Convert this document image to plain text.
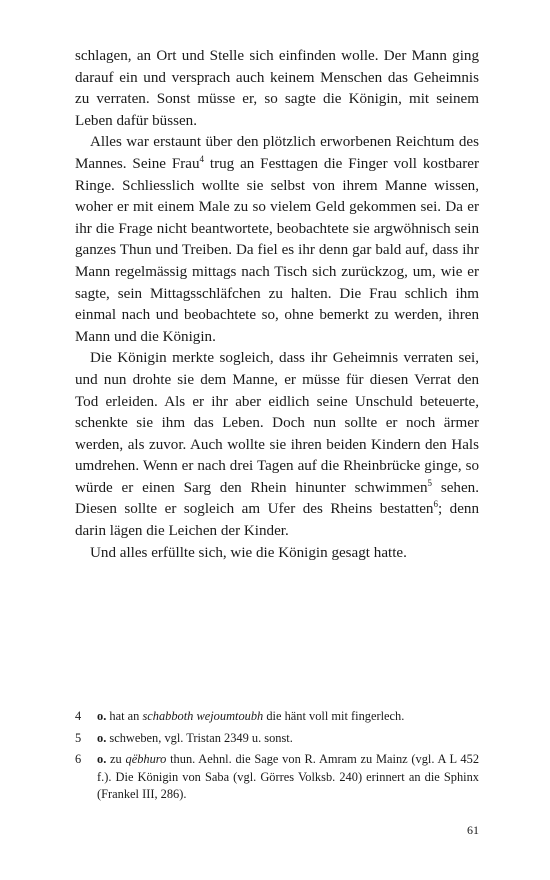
schlagen, an Ort und Stelle sich einfinden wolle. Der Mann ging darauf ein und versprach auch keinem Menschen das Geheimnis zu verraten. Sonst müsse er, so sagte die Königin, mit seinem Leben dafür büssen.

Alles war erstaunt über den plötzlich erworbenen Reichtum des Mannes. Seine Frau$^4$ trug an Festtagen die Finger voll kostbarer Ringe. Schliesslich wollte sie selbst von ihrem Manne wissen, woher er mit einem Male zu so vielem Geld gekommen sei. Da er ihr die Frage nicht beantwortete, beobachtete sie argwöhnisch sein ganzes Thun und Treiben. Da fiel es ihr denn gar bald auf, dass ihr Mann regelmässig mittags nach Tisch sich zurückzog, um, wie er sagte, sein Mittagsschläfchen zu halten. Die Frau schlich ihm einmal nach und beobachtete so, ohne bemerkt zu werden, ihren Mann und die Königin.

Die Königin merkte sogleich, dass ihr Geheimnis verraten sei, und nun drohte sie dem Manne, er müsse für diesen Verrat den Tod erleiden. Als er ihr aber eidlich seine Unschuld beteuerte, schenkte sie ihm das Leben. Doch nun sollte er noch ärmer werden, als zuvor. Auch wollte sie ihren beiden Kindern den Hals umdrehen. Wenn er nach drei Tagen auf die Rheinbrücke ginge, so würde er einen Sarg den Rhein hinunter schwimmen$^5$ sehen. Diesen sollte er sogleich am Ufer des Rheins bestatten$^6$; denn darin lägen die Leichen der Kinder.

Und alles erfüllte sich, wie die Königin gesagt hatte.

4	o. hat an schabboth wejoumtoubh die hänt voll mit fingerlech.
5	o. schweben, vgl. Tristan 2349 u. sonst.
6	o. zu qëbhuro thun. Aehnl. die Sage von R. Amram zu Mainz (vgl. A L 452 f.). Die Königin von Saba (vgl. Görres Volksb. 240) erinnert an die Sphinx (Frankel III, 286).
61
